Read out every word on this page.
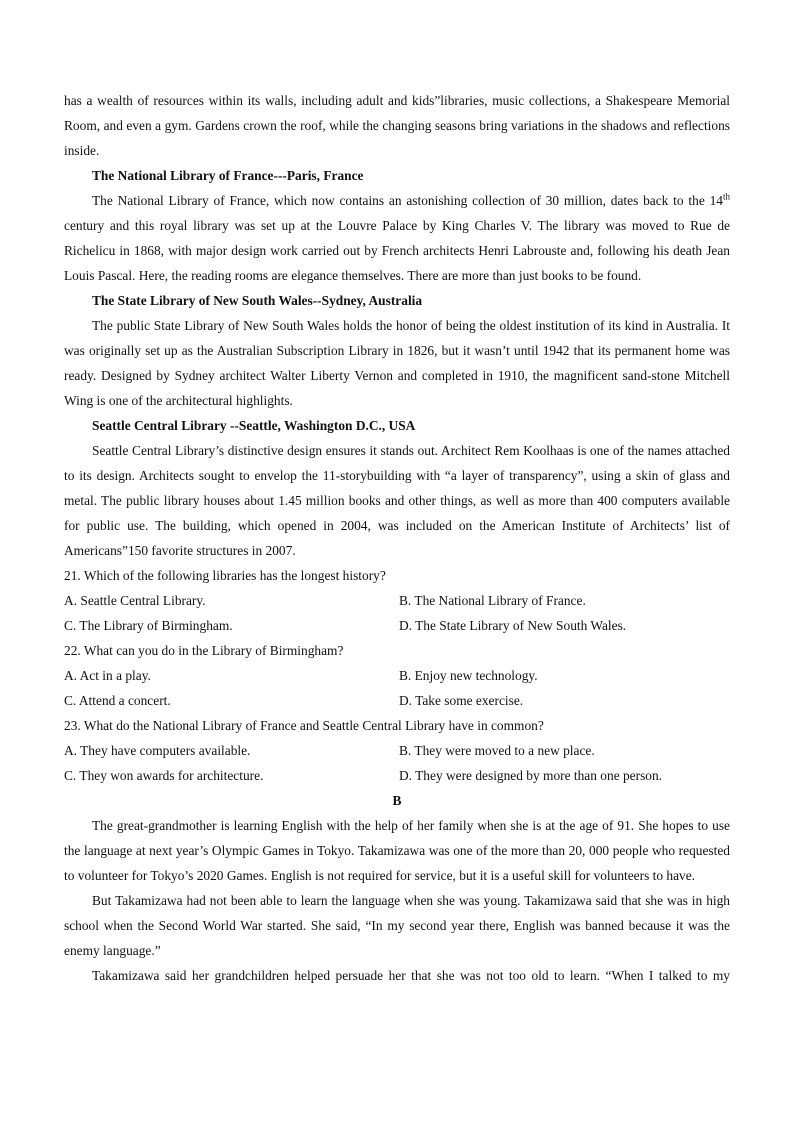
has a wealth of resources within its walls, including adult and kids”libraries, music collections, a Shakespeare Memorial Room, and even a gym. Gardens crown the roof, while the changing seasons bring variations in the shadows and reflections inside.

The National Library of France---Paris, France

The National Library of France, which now contains an astonishing collection of 30 million, dates back to the 14th century and this royal library was set up at the Louvre Palace by King Charles V. The library was moved to Rue de Richelicu in 1868, with major design work carried out by French architects Henri Labrouste and, following his death Jean Louis Pascal. Here, the reading rooms are elegance themselves. There are more than just books to be found.

The State Library of New South Wales--Sydney, Australia

The public State Library of New South Wales holds the honor of being the oldest institution of its kind in Australia. It was originally set up as the Australian Subscription Library in 1826, but it wasn’t until 1942 that its permanent home was ready. Designed by Sydney architect Walter Liberty Vernon and completed in 1910, the magnificent sand-stone Mitchell Wing is one of the architectural highlights.

Seattle Central Library --Seattle, Washington D.C., USA

Seattle Central Library’s distinctive design ensures it stands out. Architect Rem Koolhaas is one of the names attached to its design. Architects sought to envelop the 11-storybuilding with “a layer of transparency”, using a skin of glass and metal. The public library houses about 1.45 million books and other things, as well as more than 400 computers available for public use. The building, which opened in 2004, was included on the American Institute of Architects’ list of Americans”150 favorite structures in 2007.

21. Which of the following libraries has the longest history?

A. Seattle Central Library.	B. The National Library of France.
C. The Library of Birmingham.	D. The State Library of New South Wales.

22. What can you do in the Library of Birmingham?

A. Act in a play.	B. Enjoy new technology.
C. Attend a concert.	D. Take some exercise.

23. What do the National Library of France and Seattle Central Library have in common?

A. They have computers available.	B. They were moved to a new place.
C. They won awards for architecture.	D. They were designed by more than one person.

B

The great-grandmother is learning English with the help of her family when she is at the age of 91. She hopes to use the language at next year’s Olympic Games in Tokyo. Takamizawa was one of the more than 20, 000 people who requested to volunteer for Tokyo’s 2020 Games. English is not required for service, but it is a useful skill for volunteers to have.

But Takamizawa had not been able to learn the language when she was young. Takamizawa said that she was in high school when the Second World War started. She said, “In my second year there, English was banned because it was the enemy language.”

Takamizawa said her grandchildren helped persuade her that she was not too old to learn. “When I talked to my
